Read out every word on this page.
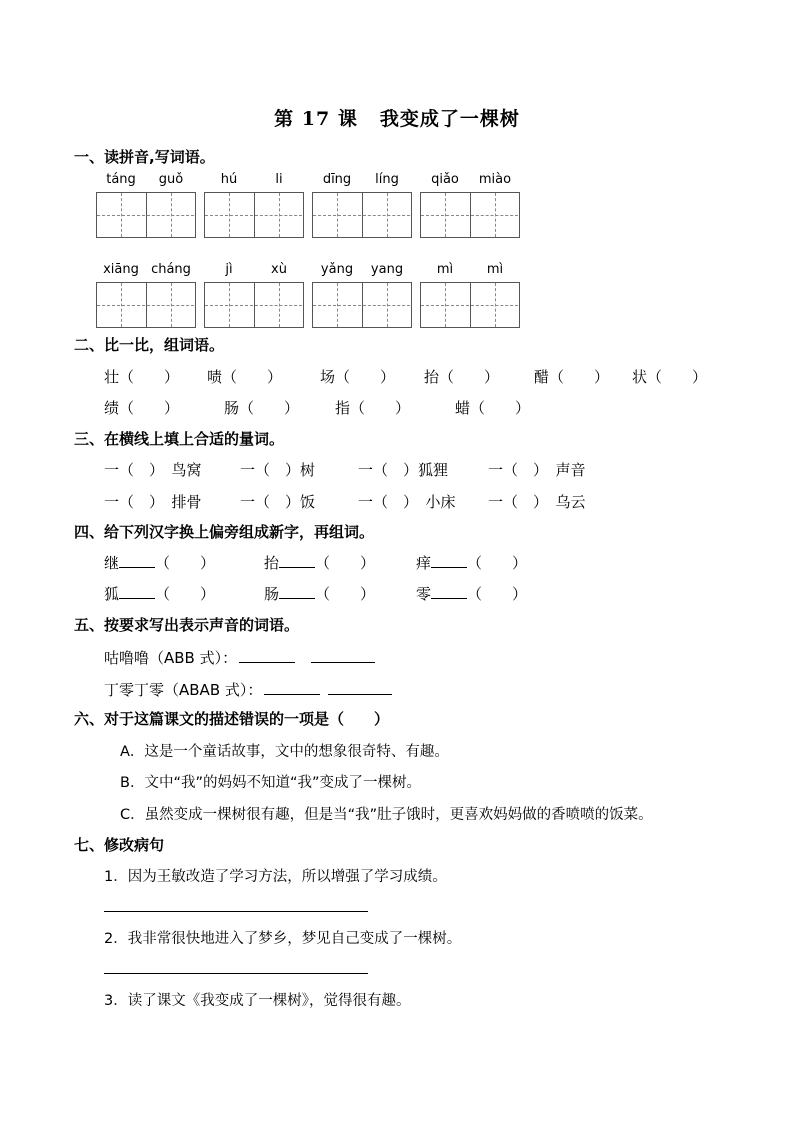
第 17 课 我变成了一棵树
一、读拼音,写词语。
táng	guǒ	hú	li	dīng	líng	qiǎo	miào
xiāng cháng	jì	xù	yǎng	yang	mì	mì
二、比一比，组词语。
壮（　　） 啧（　　）	场（　　） 抬（　　） 醋（　　） 状（　　）
绩（　　）	肠（　　） 指（　　）	蜡（　　）
三、在横线上填上合适的量词。
一（　）　鸟窝	一（　）树	一（　）狐狸	一（　）　声音
一（　）　排骨	一（　）饭	一（　）　小床 一（　）　乌云
四、给下列汉字换上偏旁组成新字，再组词。
继 （　　）	抬 （　　）	痒 （　　）
狐 （　　）	肠 （　　）	零 （　　）
五、按要求写出表示声音的词语。
咕噜噜（ABB 式）：
丁零丁零（ABAB 式）：
六、对于这篇课文的描述错误的一项是（　　）
A．这是一个童话故事，文中的想象很奇特、有趣。
B．文中“我”的妈妈不知道“我”变成了一棵树。
C．虽然变成一棵树很有趣，但是当“我”肚子饿时，更喜欢妈妈做的香喷喷的饭菜。
七、修改病句
1．因为王敏改造了学习方法，所以增强了学习成绩。
2．我非常很快地进入了梦乡，梦见自己变成了一棵树。
3．读了课文《我变成了一棵树》，觉得很有趣。
